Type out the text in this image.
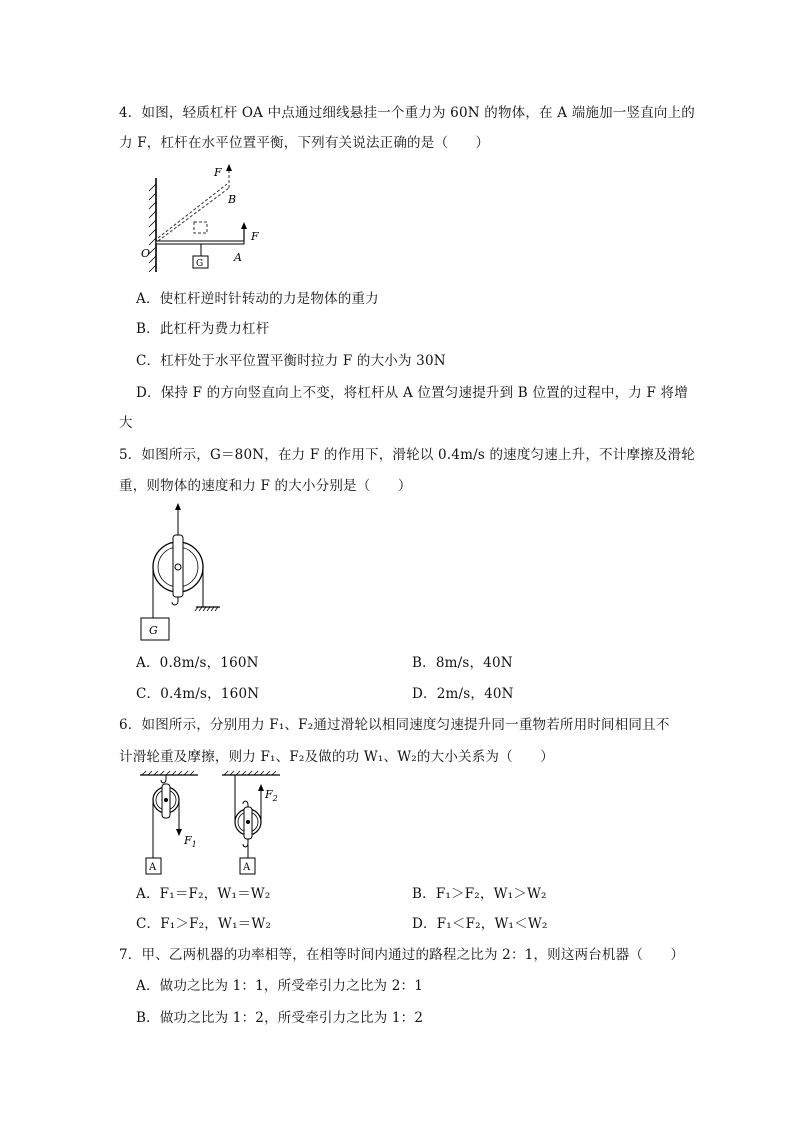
4．如图，轻质杠杆 OA 中点通过细线悬挂一个重力为 60N 的物体，在 A 端施加一竖直向上的
力 F，杠杆在水平位置平衡，下列有关说法正确的是（　　）
F
B
F
O
G	A
A．使杠杆逆时针转动的力是物体的重力
B．此杠杆为费力杠杆
C．杠杆处于水平位置平衡时拉力 F 的大小为 30N
D．保持 F 的方向竖直向上不变，将杠杆从 A 位置匀速提升到 B 位置的过程中，力 F 将增
大
5．如图所示，G＝80N，在力 F 的作用下，滑轮以 0.4m/s 的速度匀速上升，不计摩擦及滑轮
重，则物体的速度和力 F 的大小分别是（　　）
G
A．0.8m/s，160N	B．8m/s，40N
C．0.4m/s，160N	D．2m/s，40N
6．如图所示，分别用力 F₁、F₂通过滑轮以相同速度匀速提升同一重物若所用时间相同且不
计滑轮重及摩擦，则力 F₁、F₂及做的功 W₁、W₂的大小关系为（　　）
A
$F_1$
A
$F_2$
A．F₁＝F₂，W₁＝W₂	B．F₁＞F₂，W₁＞W₂
C．F₁＞F₂，W₁＝W₂	D．F₁＜F₂，W₁＜W₂
7．甲、乙两机器的功率相等，在相等时间内通过的路程之比为 2：1，则这两台机器（　　）
A．做功之比为 1：1，所受牵引力之比为 2：1
B．做功之比为 1：2，所受牵引力之比为 1：2
